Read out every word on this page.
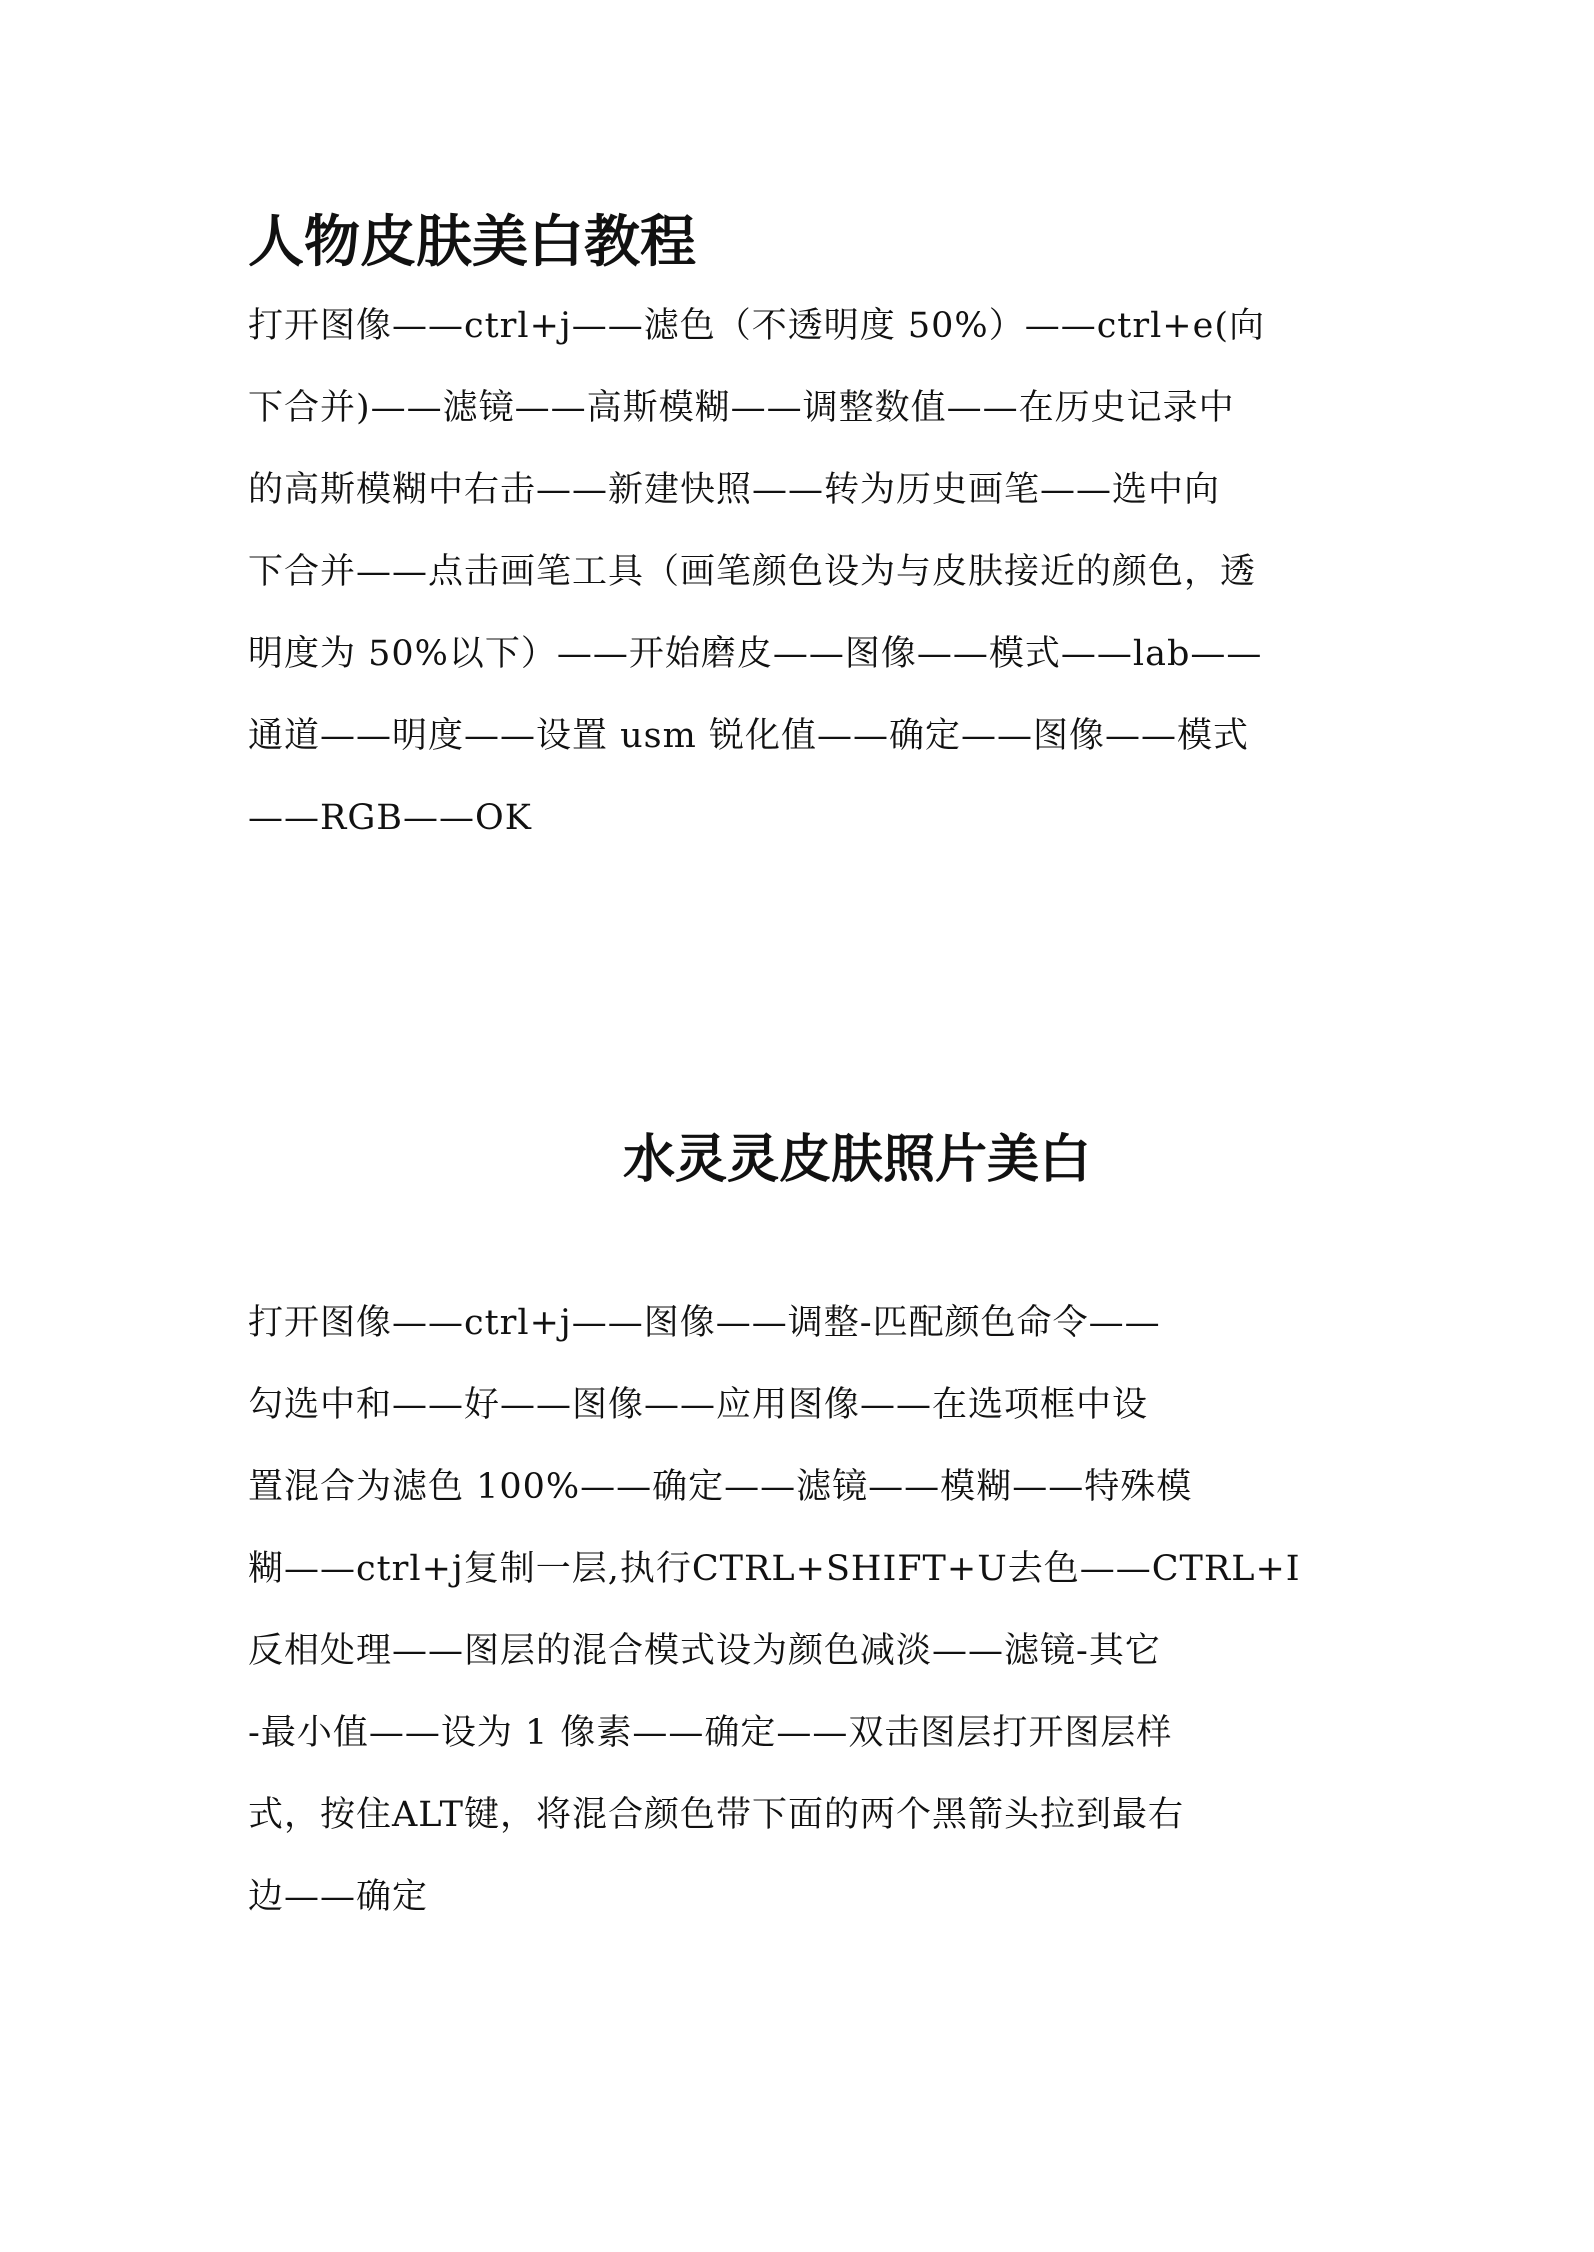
人物皮肤美白教程
打开图像——ctrl+j——滤色（不透明度 50%）——ctrl+e(向
下合并)——滤镜——高斯模糊——调整数值——在历史记录中
的高斯模糊中右击——新建快照——转为历史画笔——选中向
下合并——点击画笔工具（画笔颜色设为与皮肤接近的颜色，透
明度为 50%以下）——开始磨皮——图像——模式——lab——
通道——明度——设置 usm 锐化值——确定——图像——模式
——RGB——OK
水灵灵皮肤照片美白
打开图像——ctrl+j——图像——调整-匹配颜色命令——
勾选中和——好——图像——应用图像——在选项框中设
置混合为滤色 100%——确定——滤镜——模糊——特殊模
糊——ctrl+j复制一层,执行CTRL+SHIFT+U去色——CTRL+I
反相处理——图层的混合模式设为颜色减淡——滤镜-其它
-最小值——设为 1 像素——确定——双击图层打开图层样
式，按住ALT键，将混合颜色带下面的两个黑箭头拉到最右
边——确定
